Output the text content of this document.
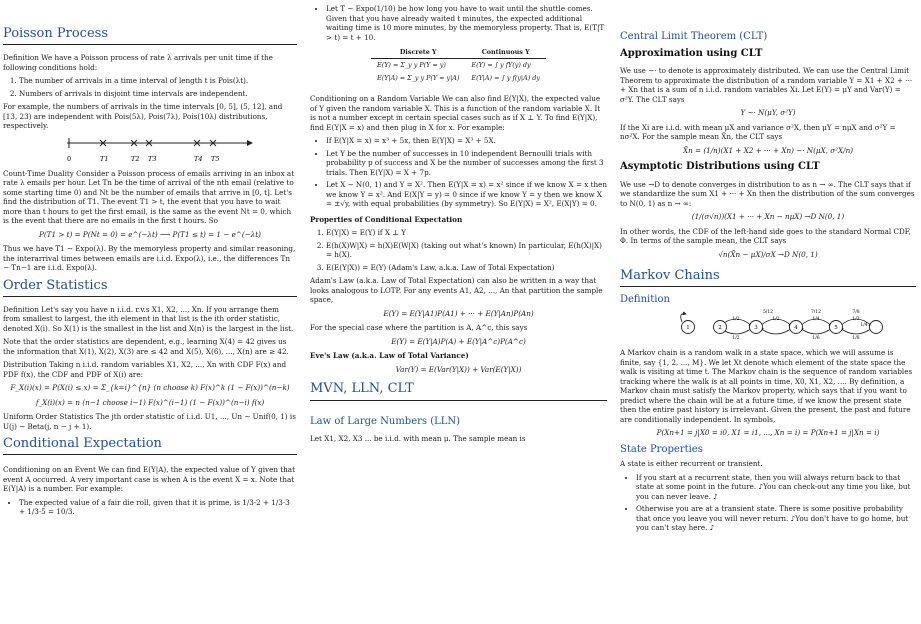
Poisson Process

Definition We have a Poisson process of rate λ arrivals per unit time if the following conditions hold:

1. The number of arrivals in a time interval of length t is Pois(λt).
2. Numbers of arrivals in disjoint time intervals are independent.

For example, the numbers of arrivals in the time intervals [0, 5], (5, 12], and [13, 23) are independent with Pois(5λ), Pois(7λ), Pois(10λ) distributions, respectively.

0	T1	T2 T3	T4 T5

Count-Time Duality Consider a Poisson process of emails arriving in an inbox at rate λ emails per hour. Let Tn be the time of arrival of the nth email (relative to some starting time 0) and Nt be the number of emails that arrive in [0, t]. Let's find the distribution of T1. The event T1 > t, the event that you have to wait more than t hours to get the first email, is the same as the event Nt = 0, which is the event that there are no emails in the first t hours. So

P(T1 > t) = P(Nt = 0) = e^(−λt) ⟶ P(T1 ≤ t) = 1 − e^(−λt)

Thus we have T1 ∼ Expo(λ). By the memoryless property and similar reasoning, the interarrival times between emails are i.i.d. Expo(λ), i.e., the differences Tn − Tn−1 are i.i.d. Expo(λ).

Order Statistics

Definition Let's say you have n i.i.d. r.v.s X1, X2, ..., Xn. If you arrange them from smallest to largest, the ith element in that list is the ith order statistic, denoted X(i). So X(1) is the smallest in the list and X(n) is the largest in the list.

Note that the order statistics are dependent, e.g., learning X(4) = 42 gives us the information that X(1), X(2), X(3) are ≤ 42 and X(5), X(6), ..., X(n) are ≥ 42.

Distribution Taking n i.i.d. random variables X1, X2, ..., Xn with CDF F(x) and PDF f(x), the CDF and PDF of X(i) are:

F_X(i)(x) = P(X(i) ≤ x) = Σ_{k=i}^{n} (n choose k) F(x)^k (1 − F(x))^(n−k)
f_X(i)(x) = n (n−1 choose i−1) F(x)^(i−1) (1 − F(x))^(n−i) f(x)

Uniform Order Statistics The jth order statistic of i.i.d. U1, ..., Un ∼ Unif(0, 1) is U(j) ∼ Beta(j, n − j + 1).

Conditional Expectation

Conditioning on an Event We can find E(Y|A), the expected value of Y given that event A occurred. A very important case is when A is the event X = x. Note that E(Y|A) is a number. For example:

• The expected value of a fair die roll, given that it is prime, is 1/3·2 + 1/3·3 + 1/3·5 = 10/3.
• Let T ∼ Expo(1/10) be how long you have to wait until the shuttle comes. Given that you have already waited t minutes, the expected additional waiting time is 10 more minutes, by the memoryless property. That is, E(T|T > t) = t + 10.
Discrete Y	Continuous Y
E(Y) = Σ_y y P(Y = y)	E(Y) = ∫ y fY(y) dy
E(Y|A) = Σ_y y P(Y = y|A)	E(Y|A) = ∫ y f(y|A) dy

Conditioning on a Random Variable We can also find E(Y|X), the expected value of Y given the random variable X. This is a function of the random variable X. It is not a number except in certain special cases such as if X ⊥ Y. To find E(Y|X), find E(Y|X = x) and then plug in X for x. For example:

• If E(Y|X = x) = x³ + 5x, then E(Y|X) = X³ + 5X.
• Let Y be the number of successes in 10 independent Bernoulli trials with probability p of success and X be the number of successes among the first 3 trials. Then E(Y|X) = X + 7p.
• Let X ∼ N(0, 1) and Y = X². Then E(Y|X = x) = x² since if we know X = x then we know Y = x². And E(X|Y = y) = 0 since if we know Y = y then we know X = ±√y, with equal probabilities (by symmetry). So E(Y|X) = X², E(X|Y) = 0.

Properties of Conditional Expectation

1. E(Y|X) = E(Y) if X ⊥ Y
2. E(h(X)W|X) = h(X)E(W|X) (taking out what's known) In particular, E(h(X)|X) = h(X).
3. E(E(Y|X)) = E(Y) (Adam's Law, a.k.a. Law of Total Expectation)

Adam's Law (a.k.a. Law of Total Expectation) can also be written in a way that looks analogous to LOTP. For any events A1, A2, ..., An that partition the sample space,

E(Y) = E(Y|A1)P(A1) + ··· + E(Y|An)P(An)

For the special case where the partition is A, A^c, this says

E(Y) = E(Y|A)P(A) + E(Y|A^c)P(A^c)

Eve's Law (a.k.a. Law of Total Variance)

Var(Y) = E(Var(Y|X)) + Var(E(Y|X))
MVN, LLN, CLT
Law of Large Numbers (LLN)

Let X1, X2, X3 ... be i.i.d. with mean μ. The sample mean is

Central Limit Theorem (CLT)
Approximation using CLT

We use ∼· to denote is approximately distributed. We can use the Central Limit Theorem to approximate the distribution of a random variable Y = X1 + X2 + ··· + Xn that is a sum of n i.i.d. random variables Xi. Let E(Y) = μY and Var(Y) = σ²Y. The CLT says

Y ∼· N(μY, σ²Y)

If the Xi are i.i.d. with mean μX and variance σ²X, then μY = nμX and σ²Y = nσ²X. For the sample mean X̄n, the CLT says

X̄n = (1/n)(X1 + X2 + ··· + Xn) ∼· N(μX, σ²X/n)
Asymptotic Distributions using CLT

We use →D to denote converges in distribution to as n → ∞. The CLT says that if we standardize the sum X1 + ··· + Xn then the distribution of the sum converges to N(0, 1) as n → ∞:

(1/(σ√n))(X1 + ··· + Xn − nμX) →D N(0, 1)

In other words, the CDF of the left-hand side goes to the standard Normal CDF, Φ. In terms of the sample mean, the CLT says

√n(X̄n − μX)/σX →D N(0, 1)
Markov Chains
Definition
1	2	3	4	5
5/12	7/12	7/8
1/2	1/2	1/4	1/3
1/4
1/2	1/6	1/8

A Markov chain is a random walk in a state space, which we will assume is finite, say {1, 2, ..., M}. We let Xt denote which element of the state space the walk is visiting at time t. The Markov chain is the sequence of random variables tracking where the walk is at all points in time, X0, X1, X2, .... By definition, a Markov chain must satisfy the Markov property, which says that if you want to predict where the chain will be at a future time, if we know the present state then the entire past history is irrelevant. Given the present, the past and future are conditionally independent. In symbols,

P(Xn+1 = j|X0 = i0, X1 = i1, ..., Xn = i) = P(Xn+1 = j|Xn = i)
State Properties

A state is either recurrent or transient.

• If you start at a recurrent state, then you will always return back to that state at some point in the future. ♪You can check-out any time you like, but you can never leave. ♪
• Otherwise you are at a transient state. There is some positive probability that once you leave you will never return. ♪You don't have to go home, but you can't stay here. ♪
